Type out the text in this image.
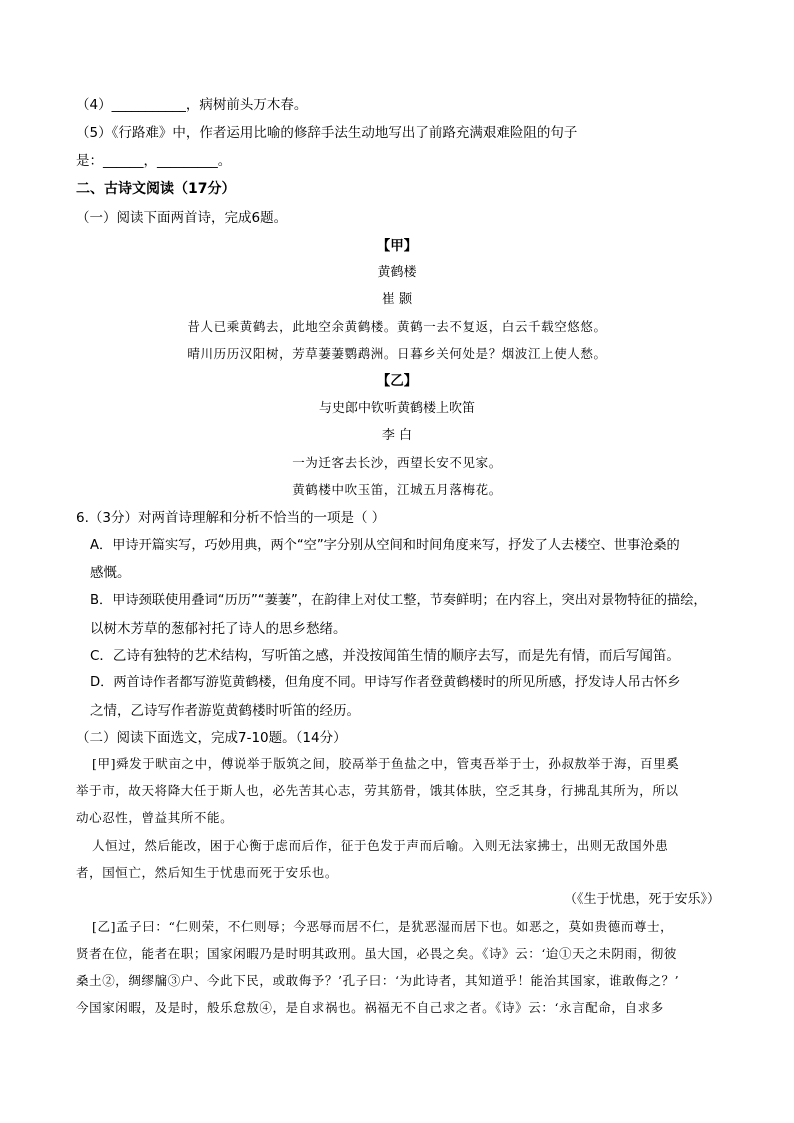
（4）___________，病树前头万木春。
（5）《行路难》中，作者运用比喻的修辞手法生动地写出了前路充满艰难险阻的句子
是：______，_________。
二、古诗文阅读（17分）
（一）阅读下面两首诗，完成6题。
【甲】
黄鹤楼
崔 颢
昔人已乘黄鹤去，此地空余黄鹤楼。黄鹤一去不复返，白云千载空悠悠。
晴川历历汉阳树，芳草萋萋鹦鹉洲。日暮乡关何处是？烟波江上使人愁。
【乙】
与史郎中钦听黄鹤楼上吹笛
李 白
一为迁客去长沙，西望长安不见家。
黄鹤楼中吹玉笛，江城五月落梅花。
6.（3分）对两首诗理解和分析不恰当的一项是（ ）
A．甲诗开篇实写，巧妙用典，两个“空”字分别从空间和时间角度来写，抒发了人去楼空、世事沧桑的
感慨。
B．甲诗颈联使用叠词“历历”“萋萋”，在韵律上对仗工整，节奏鲜明；在内容上，突出对景物特征的描绘，
以树木芳草的葱郁衬托了诗人的思乡愁绪。
C．乙诗有独特的艺术结构，写听笛之感，并没按闻笛生情的顺序去写，而是先有情，而后写闻笛。
D．两首诗作者都写游览黄鹤楼，但角度不同。甲诗写作者登黄鹤楼时的所见所感，抒发诗人吊古怀乡
之情，乙诗写作者游览黄鹤楼时听笛的经历。
（二）阅读下面选文，完成7-10题。（14分）
[甲]舜发于畎亩之中，傅说举于版筑之间，胶鬲举于鱼盐之中，管夷吾举于士，孙叔敖举于海，百里奚
举于市，故天将降大任于斯人也，必先苦其心志，劳其筋骨，饿其体肤，空乏其身，行拂乱其所为，所以
动心忍性，曾益其所不能。
人恒过，然后能改，困于心衡于虑而后作，征于色发于声而后喻。入则无法家拂士，出则无敌国外患
者，国恒亡，然后知生于忧患而死于安乐也。
（《生于忧患，死于安乐》）
[乙]孟子曰：“仁则荣，不仁则辱；今恶辱而居不仁，是犹恶湿而居下也。如恶之，莫如贵德而尊士，
贤者在位，能者在职；国家闲暇乃是时明其政刑。虽大国，必畏之矣。《诗》云：‘迨①天之未阴雨，彻彼
桑土②，绸缪牖③户、今此下民，或敢侮予？’孔子曰：‘为此诗者，其知道乎！能治其国家，谁敢侮之？’
今国家闲暇，及是时，般乐怠敖④，是自求祸也。祸福无不自己求之者。《诗》云：‘永言配命，自求多
